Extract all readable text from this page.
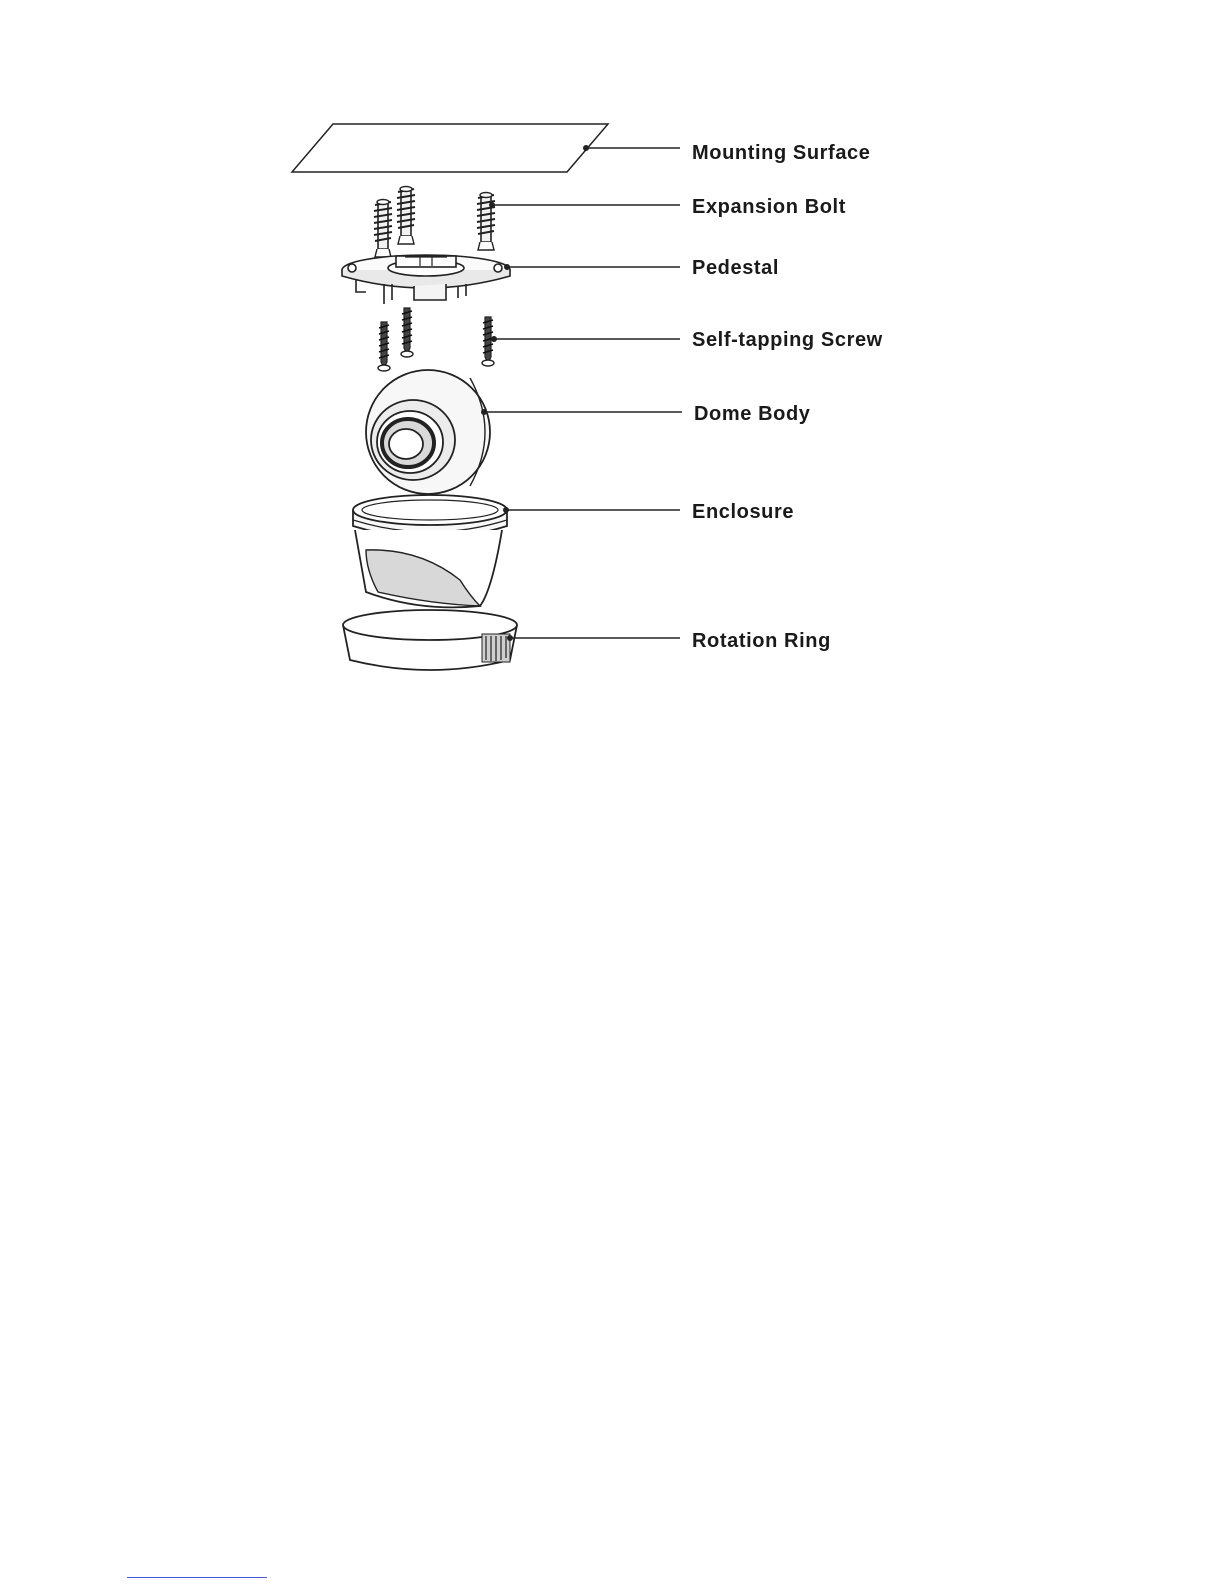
Mounting Surface
Expansion Bolt
Pedestal
Self-tapping Screw
Dome Body
Enclosure
Rotation Ring
